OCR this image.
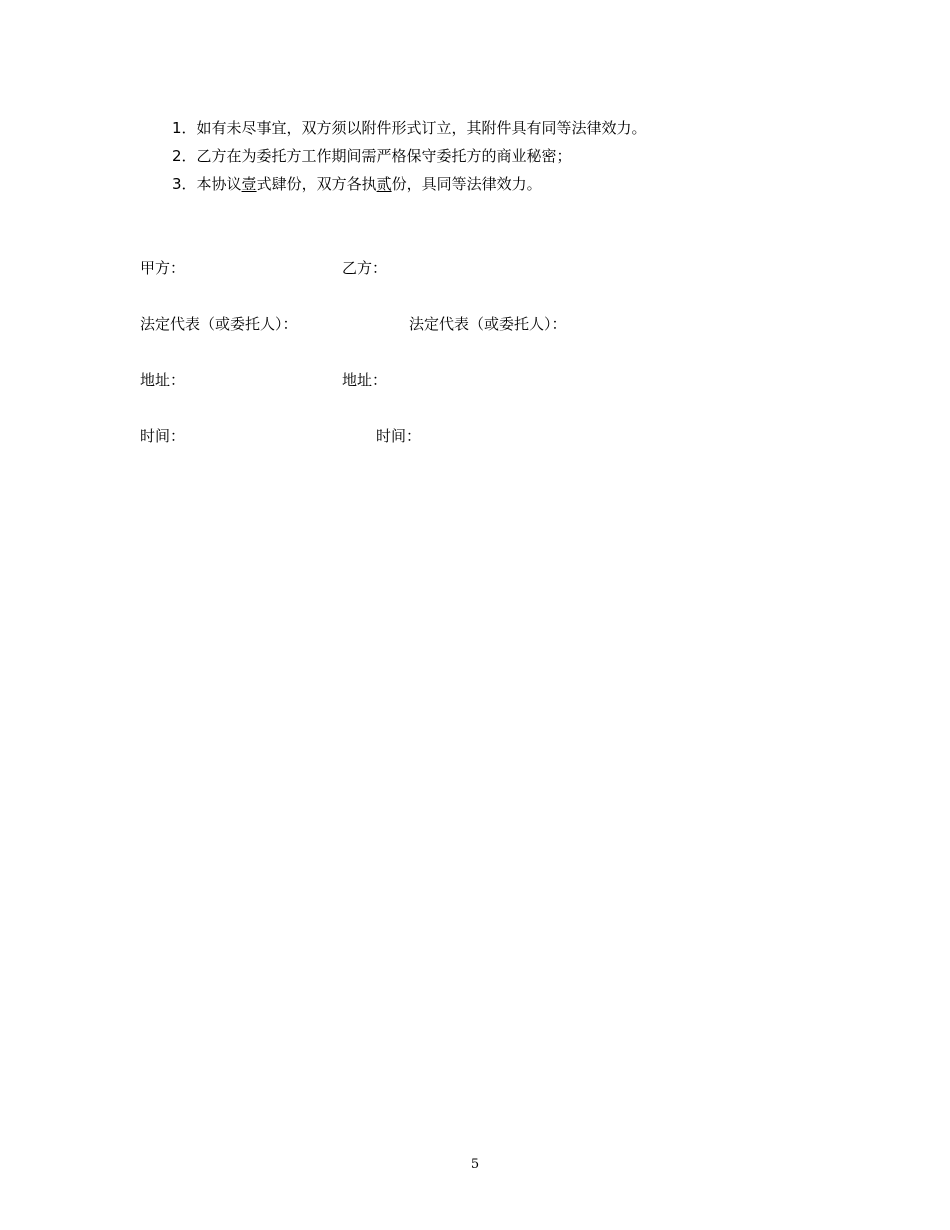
1．如有未尽事宜，双方须以附件形式订立，其附件具有同等法律效力。
2．乙方在为委托方工作期间需严格保守委托方的商业秘密；
3．本协议壹式肆份，双方各执贰份，具同等法律效力。
甲方：	乙方：
法定代表（或委托人）：	法定代表（或委托人）：
地址：	地址：
时间：	时间：
5
